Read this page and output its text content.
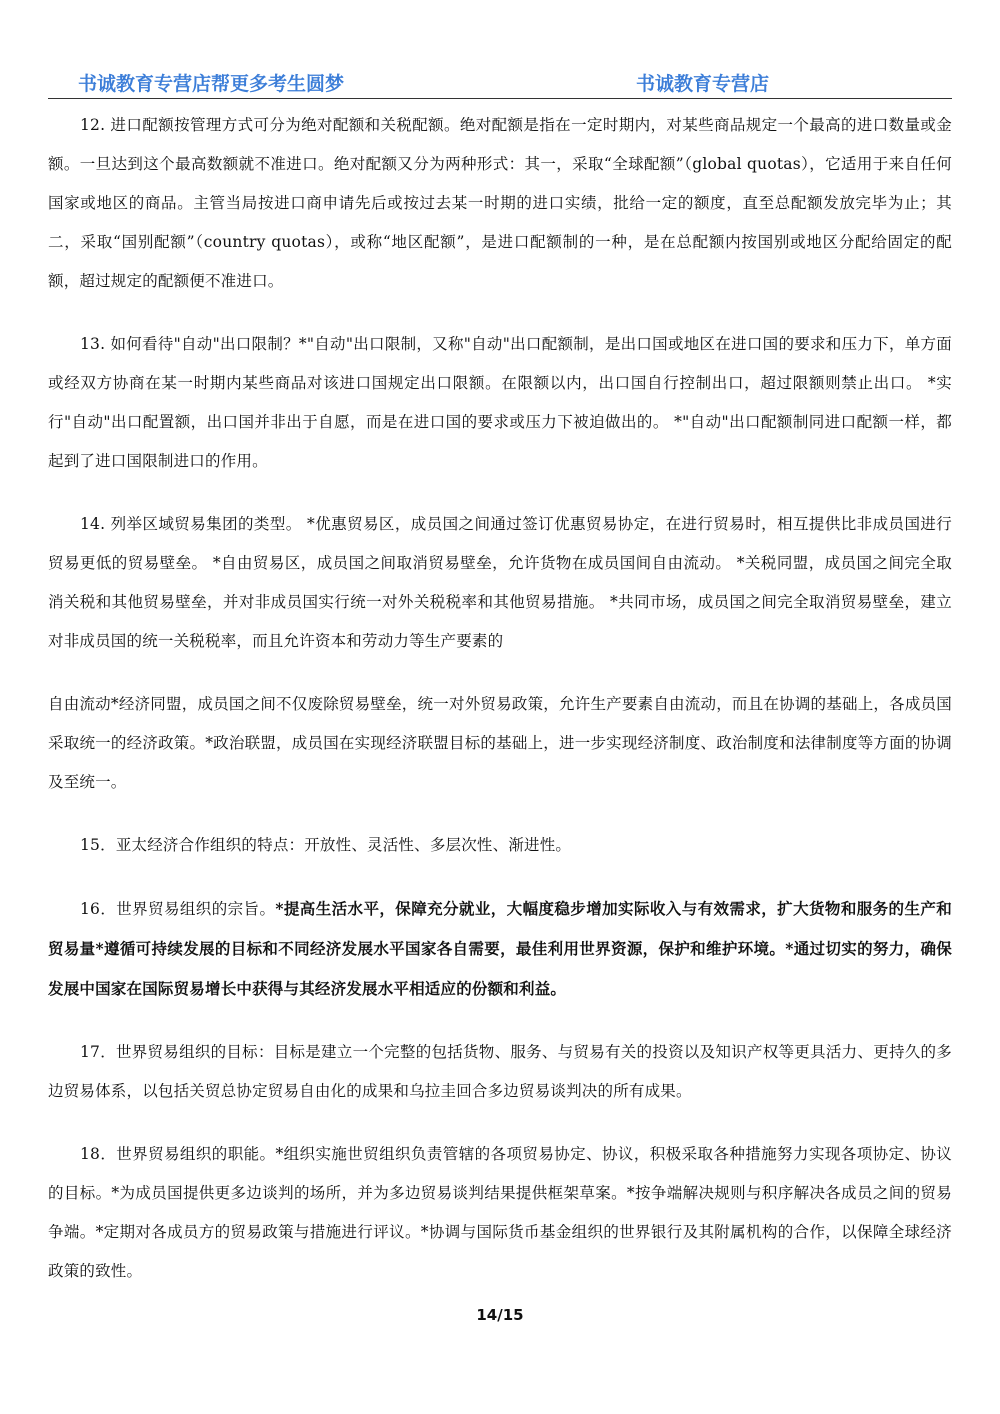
书诚教育专营店帮更多考生圆梦	书诚教育专营店

12. 进口配额按管理方式可分为绝对配额和关税配额。绝对配额是指在一定时期内，对某些商品规定一个最高的进口数量或金额。一旦达到这个最高数额就不准进口。绝对配额又分为两种形式：其一，采取“全球配额”（global quotas），它适用于来自任何国家或地区的商品。主管当局按进口商申请先后或按过去某一时期的进口实绩，批给一定的额度，直至总配额发放完毕为止；其二，采取“国别配额”（country quotas），或称“地区配额”，是进口配额制的一种，是在总配额内按国别或地区分配给固定的配额，超过规定的配额便不准进口。

13. 如何看待"自动"出口限制？*"自动"出口限制，又称"自动"出口配额制，是出口国或地区在进口国的要求和压力下，单方面或经双方协商在某一时期内某些商品对该进口国规定出口限额。在限额以内，出口国自行控制出口，超过限额则禁止出口。 *实行"自动"出口配置额，出口国并非出于自愿，而是在进口国的要求或压力下被迫做出的。 *"自动"出口配额制同进口配额一样，都起到了进口国限制进口的作用。

14. 列举区域贸易集团的类型。 *优惠贸易区，成员国之间通过签订优惠贸易协定，在进行贸易时，相互提供比非成员国进行贸易更低的贸易壁垒。 *自由贸易区，成员国之间取消贸易壁垒，允许货物在成员国间自由流动。 *关税同盟，成员国之间完全取消关税和其他贸易壁垒，并对非成员国实行统一对外关税税率和其他贸易措施。 *共同市场，成员国之间完全取消贸易壁垒，建立对非成员国的统一关税税率，而且允许资本和劳动力等生产要素的

自由流动*经济同盟，成员国之间不仅废除贸易壁垒，统一对外贸易政策，允许生产要素自由流动，而且在协调的基础上，各成员国采取统一的经济政策。*政治联盟，成员国在实现经济联盟目标的基础上，进一步实现经济制度、政治制度和法律制度等方面的协调及至统一。

15．亚太经济合作组织的特点：开放性、灵活性、多层次性、渐进性。

16．世界贸易组织的宗旨。*提高生活水平，保障充分就业，大幅度稳步增加实际收入与有效需求，扩大货物和服务的生产和贸易量*遵循可持续发展的目标和不同经济发展水平国家各自需要，最佳利用世界资源，保护和维护环境。*通过切实的努力，确保发展中国家在国际贸易增长中获得与其经济发展水平相适应的份额和利益。

17．世界贸易组织的目标：目标是建立一个完整的包括货物、服务、与贸易有关的投资以及知识产权等更具活力、更持久的多边贸易体系，以包括关贸总协定贸易自由化的成果和乌拉圭回合多边贸易谈判决的所有成果。

18．世界贸易组织的职能。*组织实施世贸组织负责管辖的各项贸易协定、协议，积极采取各种措施努力实现各项协定、协议的目标。*为成员国提供更多边谈判的场所，并为多边贸易谈判结果提供框架草案。*按争端解决规则与积序解决各成员之间的贸易争端。*定期对各成员方的贸易政策与措施进行评议。*协调与国际货币基金组织的世界银行及其附属机构的合作，以保障全球经济政策的致性。

14/15
